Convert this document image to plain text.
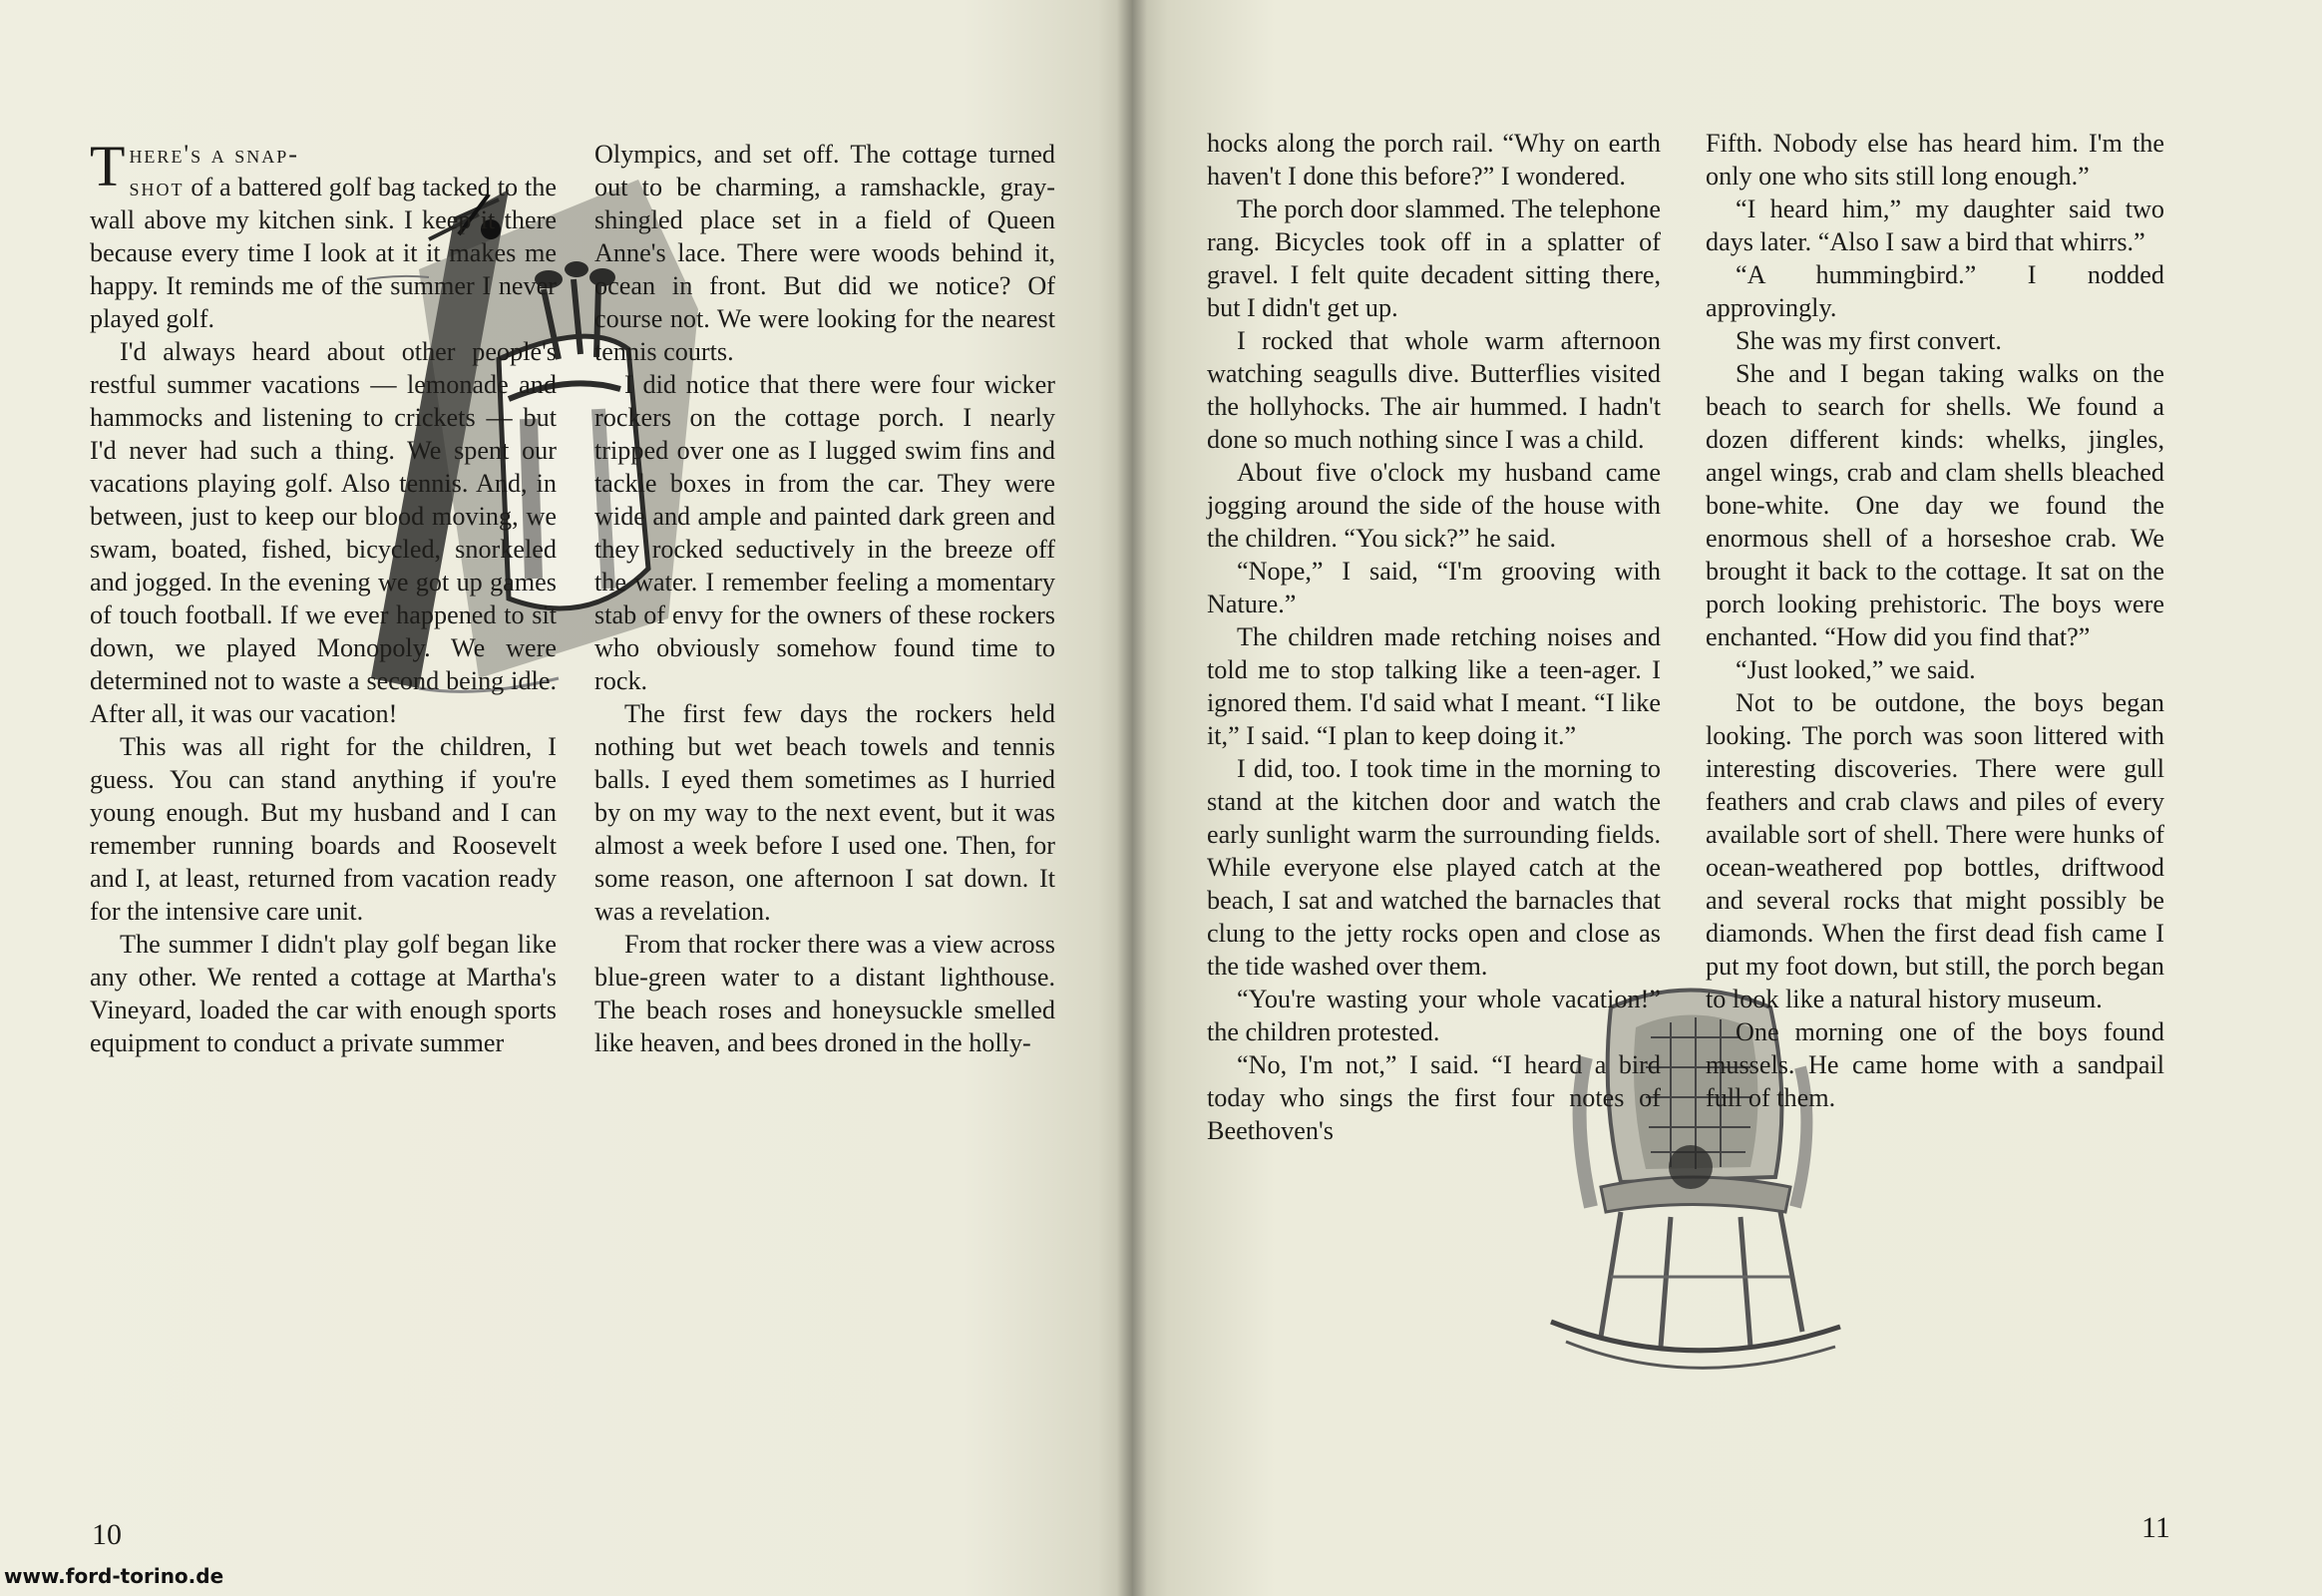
There's a snap-
shot of a battered golf bag tacked to the wall above my kitchen sink. I keep it there because every time I look at it it makes me happy. It reminds me of the summer I never played golf.

I'd always heard about other people's restful summer vacations — lemonade and hammocks and listening to crickets — but I'd never had such a thing. We spent our vacations playing golf. Also tennis. And, in between, just to keep our blood moving, we swam, boated, fished, bicycled, snorkeled and jogged. In the evening we got up games of touch football. If we ever happened to sit down, we played Monopoly. We were determined not to waste a second being idle. After all, it was our vacation!

This was all right for the children, I guess. You can stand anything if you're young enough. But my husband and I can remember running boards and Roosevelt and I, at least, returned from vacation ready for the intensive care unit.

The summer I didn't play golf began like any other. We rented a cottage at Martha's Vineyard, loaded the car with enough sports equipment to conduct a private summer

Olympics, and set off. The cottage turned out to be charming, a ramshackle, gray-shingled place set in a field of Queen Anne's lace. There were woods behind it, ocean in front. But did we notice? Of course not. We were looking for the nearest tennis courts.

I did notice that there were four wicker rockers on the cottage porch. I nearly tripped over one as I lugged swim fins and tackle boxes in from the car. They were wide and ample and painted dark green and they rocked seductively in the breeze off the water. I remember feeling a momentary stab of envy for the owners of these rockers who obviously somehow found time to rock.

The first few days the rockers held nothing but wet beach towels and tennis balls. I eyed them sometimes as I hurried by on my way to the next event, but it was almost a week before I used one. Then, for some reason, one afternoon I sat down. It was a revelation.

From that rocker there was a view across blue-green water to a distant lighthouse. The beach roses and honeysuckle smelled like heaven, and bees droned in the holly-

10

hocks along the porch rail. “Why on earth haven't I done this before?” I wondered.

The porch door slammed. The telephone rang. Bicycles took off in a splatter of gravel. I felt quite decadent sitting there, but I didn't get up.

I rocked that whole warm afternoon watching seagulls dive. Butterflies visited the hollyhocks. The air hummed. I hadn't done so much nothing since I was a child.

About five o'clock my husband came jogging around the side of the house with the children. “You sick?” he said.

“Nope,” I said, “I'm grooving with Nature.”

The children made retching noises and told me to stop talking like a teen-ager. I ignored them. I'd said what I meant. “I like it,” I said. “I plan to keep doing it.”

I did, too. I took time in the morning to stand at the kitchen door and watch the early sunlight warm the surrounding fields. While everyone else played catch at the beach, I sat and watched the barnacles that clung to the jetty rocks open and close as the tide washed over them.

“You're wasting your whole vacation!” the children protested.

“No, I'm not,” I said. “I heard a bird today who sings the first four notes of Beethoven's

Fifth. Nobody else has heard him. I'm the only one who sits still long enough.”

“I heard him,” my daughter said two days later. “Also I saw a bird that whirrs.”

“A hummingbird.” I nodded approvingly.

She was my first convert.

She and I began taking walks on the beach to search for shells. We found a dozen different kinds: whelks, jingles, angel wings, crab and clam shells bleached bone-white. One day we found the enormous shell of a horseshoe crab. We brought it back to the cottage. It sat on the porch looking prehistoric. The boys were enchanted. “How did you find that?”

“Just looked,” we said.

Not to be outdone, the boys began looking. The porch was soon littered with interesting discoveries. There were gull feathers and crab claws and piles of every available sort of shell. There were hunks of ocean-weathered pop bottles, driftwood and several rocks that might possibly be diamonds. When the first dead fish came I put my foot down, but still, the porch began to look like a natural history museum.

One morning one of the boys found mussels. He came home with a sandpail full of them.

11
www.ford-torino.de
